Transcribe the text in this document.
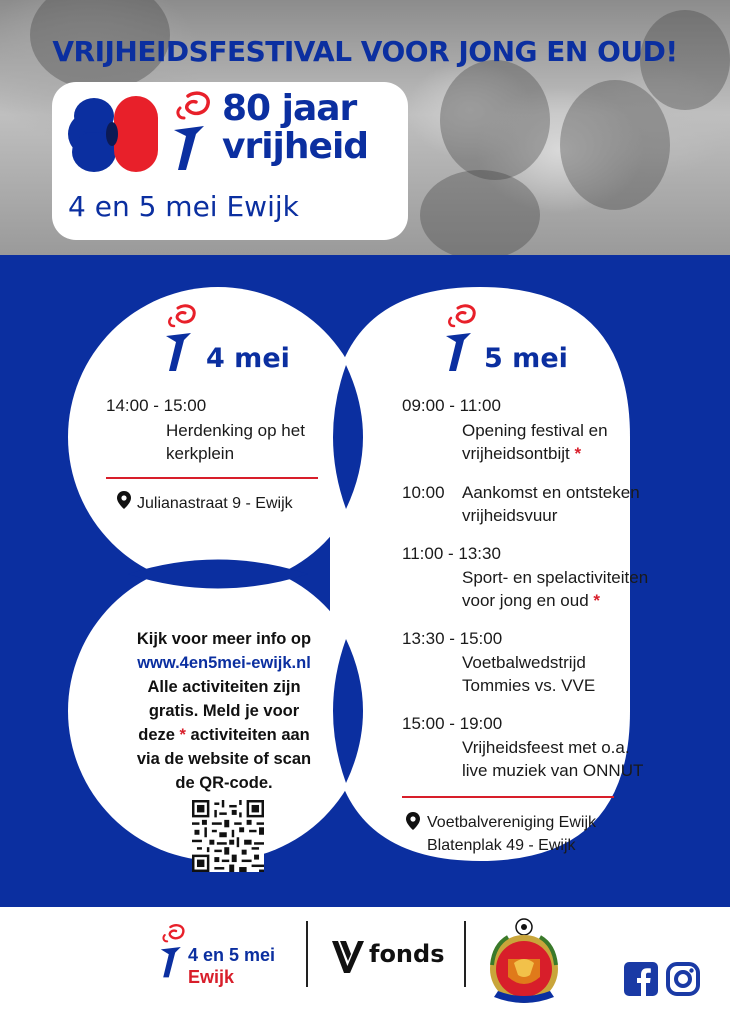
VRIJHEIDSFESTIVAL VOOR JONG EN OUD!
80 jaar
vrijheid
4 en 5 mei Ewijk
4 mei
14:00 - 15:00
Herdenking op het
kerkplein
Julianastraat 9 - Ewijk
5 mei
09:00 - 11:00
Opening festival en
vrijheidsontbijt *
10:00 Aankomst en ontsteken
vrijheidsvuur
11:00 - 13:30
Sport- en spelactiviteiten
voor jong en oud *
13:30 - 15:00
Voetbalwedstrijd
Tommies vs. VVE
15:00 - 19:00
Vrijheidsfeest met o.a.
live muziek van ONNUT
Voetbalvereniging Ewijk
Blatenplak 49 - Ewijk
Kijk voor meer info op
www.4en5mei-ewijk.nl
Alle activiteiten zijn
gratis. Meld je voor
deze * activiteiten aan
via de website of scan
de QR-code.
4 en 5 mei
Ewijk
fonds
